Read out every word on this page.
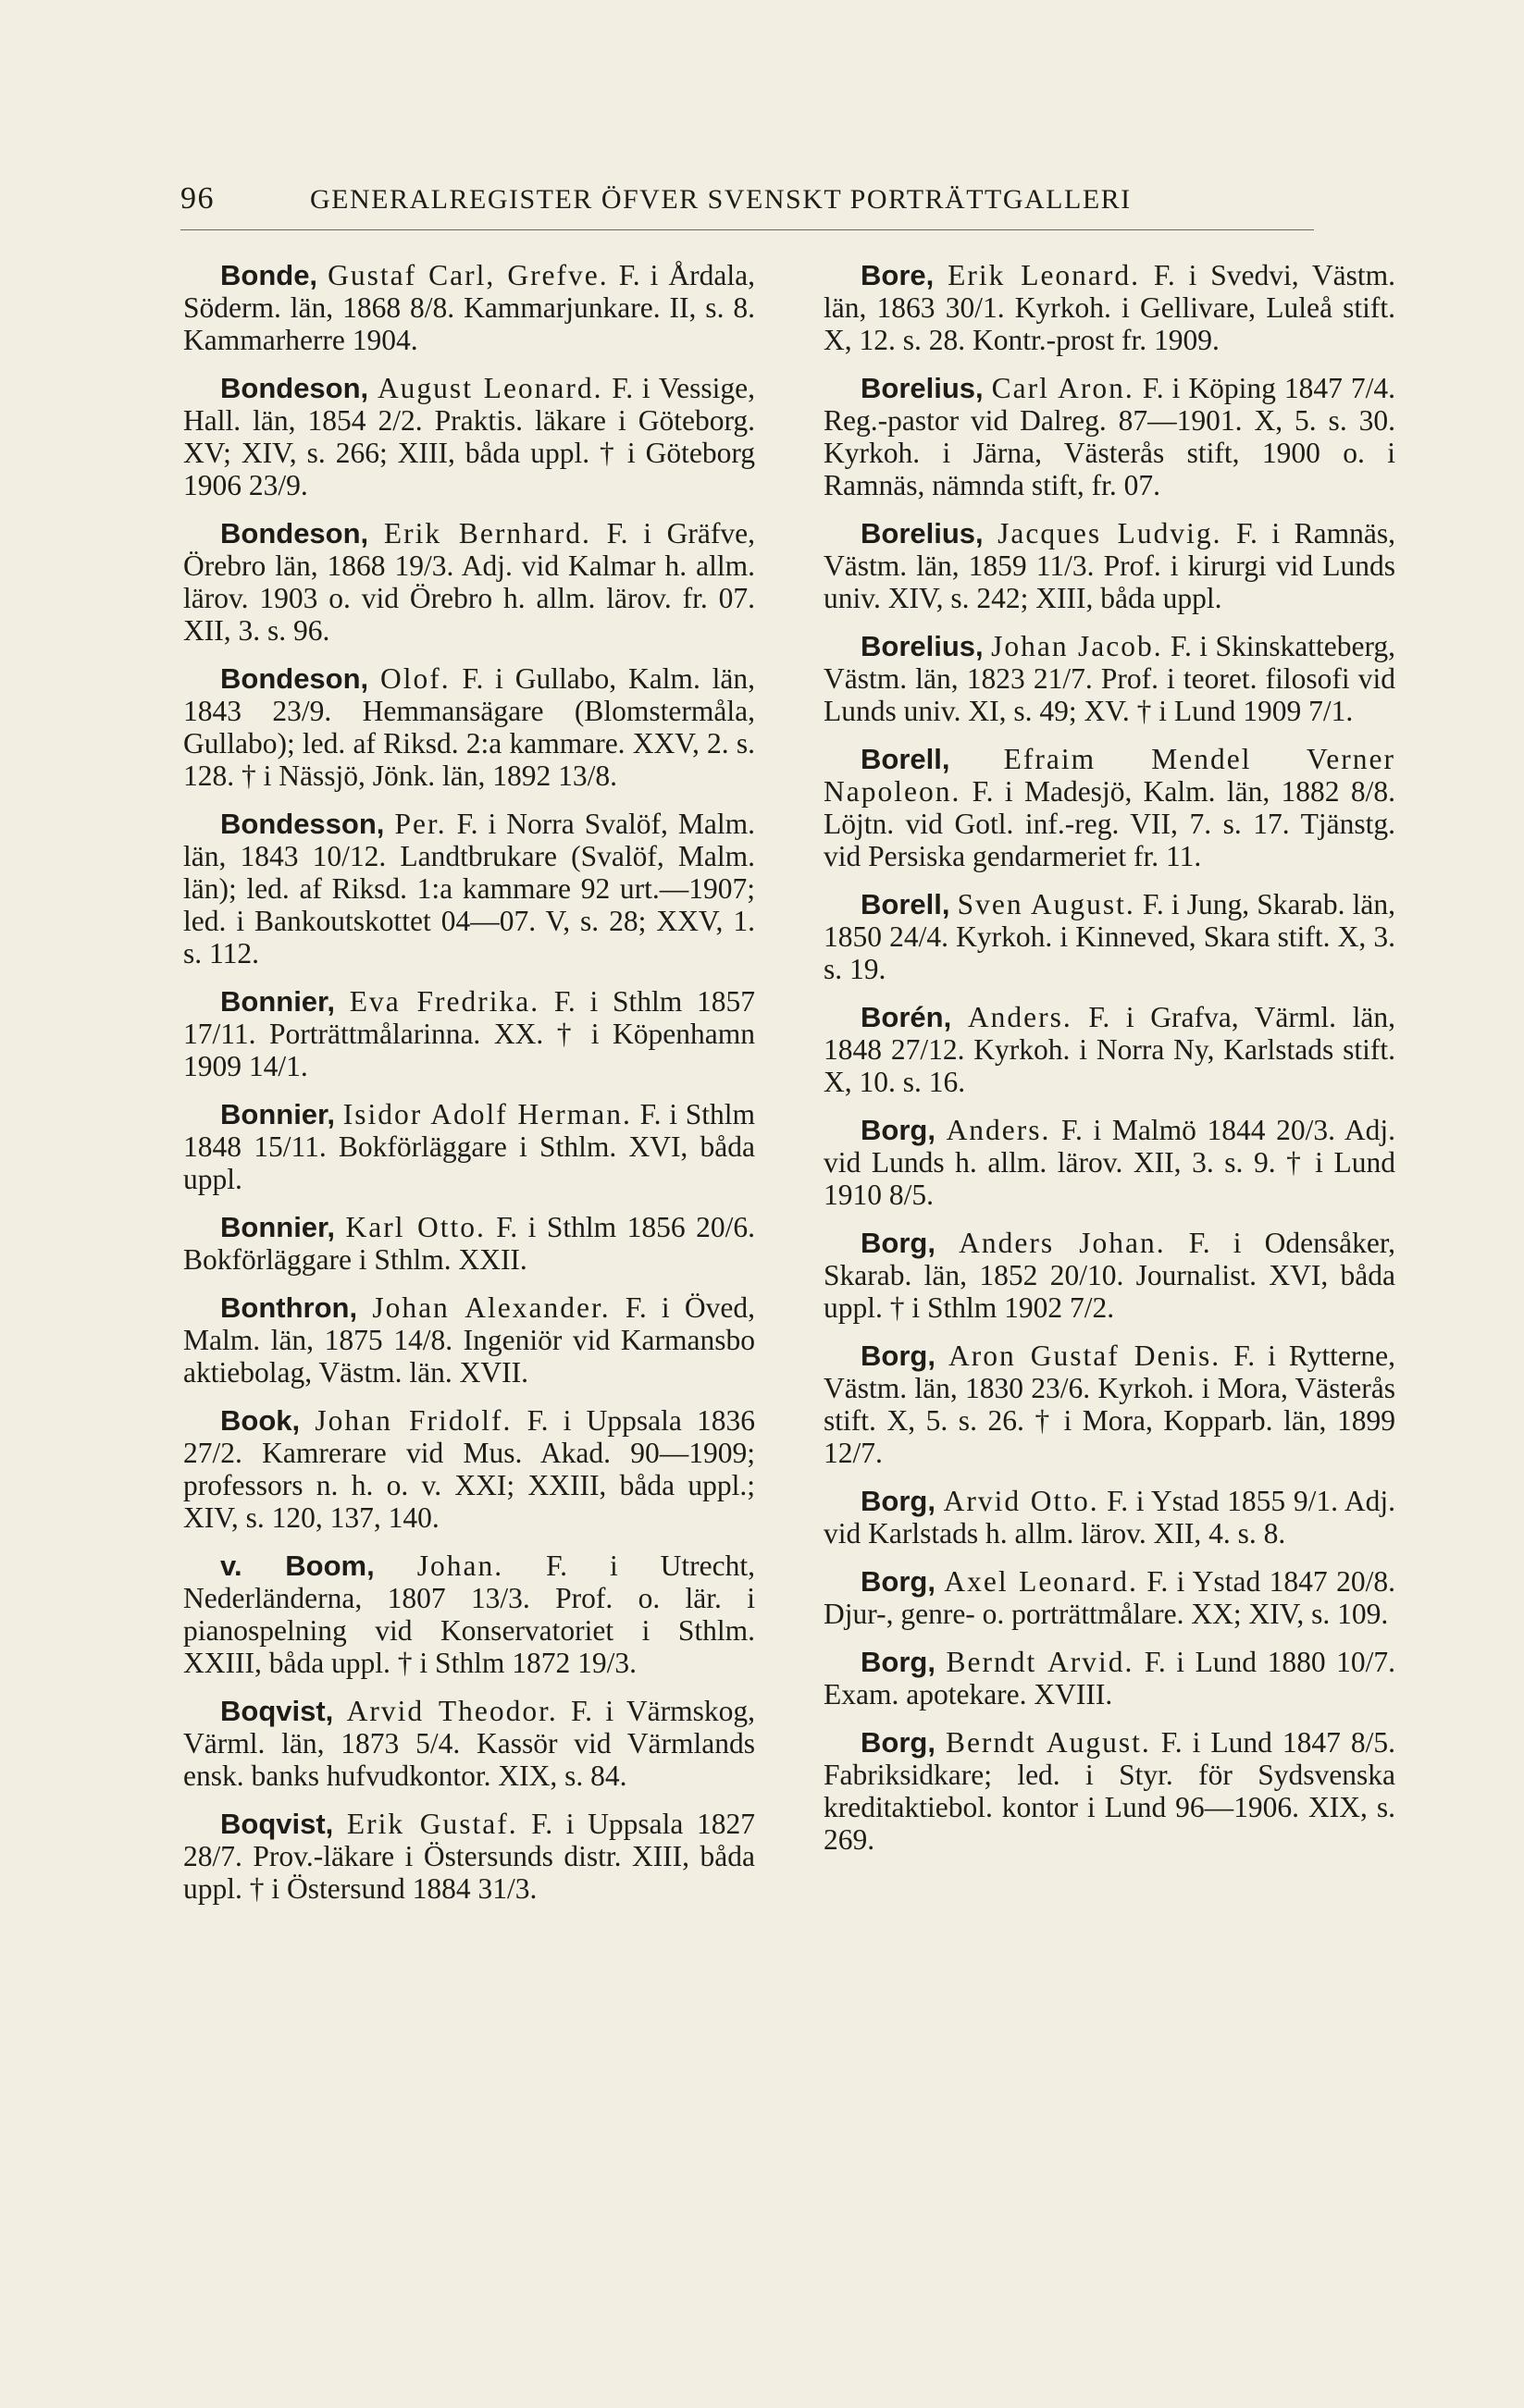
96	GENERALREGISTER ÖFVER SVENSKT PORTRÄTTGALLERI

Bonde, Gustaf Carl, Grefve. F. i Årdala, Söderm. län, 1868 8/8. Kammarjunkare. II, s. 8. Kammarherre 1904.

Bondeson, August Leonard. F. i Vessige, Hall. län, 1854 2/2. Praktis. läkare i Göteborg. XV; XIV, s. 266; XIII, båda uppl. † i Göteborg 1906 23/9.

Bondeson, Erik Bernhard. F. i Gräfve, Örebro län, 1868 19/3. Adj. vid Kalmar h. allm. lärov. 1903 o. vid Örebro h. allm. lärov. fr. 07. XII, 3. s. 96.

Bondeson, Olof. F. i Gullabo, Kalm. län, 1843 23/9. Hemmansägare (Blomstermåla, Gullabo); led. af Riksd. 2:a kammare. XXV, 2. s. 128. † i Nässjö, Jönk. län, 1892 13/8.

Bondesson, Per. F. i Norra Svalöf, Malm. län, 1843 10/12. Landtbrukare (Svalöf, Malm. län); led. af Riksd. 1:a kammare 92 urt.—1907; led. i Bankoutskottet 04—07. V, s. 28; XXV, 1. s. 112.

Bonnier, Eva Fredrika. F. i Sthlm 1857 17/11. Porträttmålarinna. XX. † i Köpenhamn 1909 14/1.

Bonnier, Isidor Adolf Herman. F. i Sthlm 1848 15/11. Bokförläggare i Sthlm. XVI, båda uppl.

Bonnier, Karl Otto. F. i Sthlm 1856 20/6. Bokförläggare i Sthlm. XXII.

Bonthron, Johan Alexander. F. i Öved, Malm. län, 1875 14/8. Ingeniör vid Karmansbo aktiebolag, Västm. län. XVII.

Book, Johan Fridolf. F. i Uppsala 1836 27/2. Kamrerare vid Mus. Akad. 90—1909; professors n. h. o. v. XXI; XXIII, båda uppl.; XIV, s. 120, 137, 140.

v. Boom, Johan. F. i Utrecht, Nederländerna, 1807 13/3. Prof. o. lär. i pianospelning vid Konservatoriet i Sthlm. XXIII, båda uppl. † i Sthlm 1872 19/3.

Boqvist, Arvid Theodor. F. i Värmskog, Värml. län, 1873 5/4. Kassör vid Värmlands ensk. banks hufvudkontor. XIX, s. 84.

Boqvist, Erik Gustaf. F. i Uppsala 1827 28/7. Prov.-läkare i Östersunds distr. XIII, båda uppl. † i Östersund 1884 31/3.

Bore, Erik Leonard. F. i Svedvi, Västm. län, 1863 30/1. Kyrkoh. i Gellivare, Luleå stift. X, 12. s. 28. Kontr.-prost fr. 1909.

Borelius, Carl Aron. F. i Köping 1847 7/4. Reg.-pastor vid Dalreg. 87—1901. X, 5. s. 30. Kyrkoh. i Järna, Västerås stift, 1900 o. i Ramnäs, nämnda stift, fr. 07.

Borelius, Jacques Ludvig. F. i Ramnäs, Västm. län, 1859 11/3. Prof. i kirurgi vid Lunds univ. XIV, s. 242; XIII, båda uppl.

Borelius, Johan Jacob. F. i Skinskatteberg, Västm. län, 1823 21/7. Prof. i teoret. filosofi vid Lunds univ. XI, s. 49; XV. † i Lund 1909 7/1.

Borell, Efraim Mendel Verner Napoleon. F. i Madesjö, Kalm. län, 1882 8/8. Löjtn. vid Gotl. inf.-reg. VII, 7. s. 17. Tjänstg. vid Persiska gendarmeriet fr. 11.

Borell, Sven August. F. i Jung, Skarab. län, 1850 24/4. Kyrkoh. i Kinneved, Skara stift. X, 3. s. 19.

Borén, Anders. F. i Grafva, Värml. län, 1848 27/12. Kyrkoh. i Norra Ny, Karlstads stift. X, 10. s. 16.

Borg, Anders. F. i Malmö 1844 20/3. Adj. vid Lunds h. allm. lärov. XII, 3. s. 9. † i Lund 1910 8/5.

Borg, Anders Johan. F. i Odensåker, Skarab. län, 1852 20/10. Journalist. XVI, båda uppl. † i Sthlm 1902 7/2.

Borg, Aron Gustaf Denis. F. i Rytterne, Västm. län, 1830 23/6. Kyrkoh. i Mora, Västerås stift. X, 5. s. 26. † i Mora, Kopparb. län, 1899 12/7.

Borg, Arvid Otto. F. i Ystad 1855 9/1. Adj. vid Karlstads h. allm. lärov. XII, 4. s. 8.

Borg, Axel Leonard. F. i Ystad 1847 20/8. Djur-, genre- o. porträttmålare. XX; XIV, s. 109.

Borg, Berndt Arvid. F. i Lund 1880 10/7. Exam. apotekare. XVIII.

Borg, Berndt August. F. i Lund 1847 8/5. Fabriksidkare; led. i Styr. för Sydsvenska kreditaktiebol. kontor i Lund 96—1906. XIX, s. 269.
